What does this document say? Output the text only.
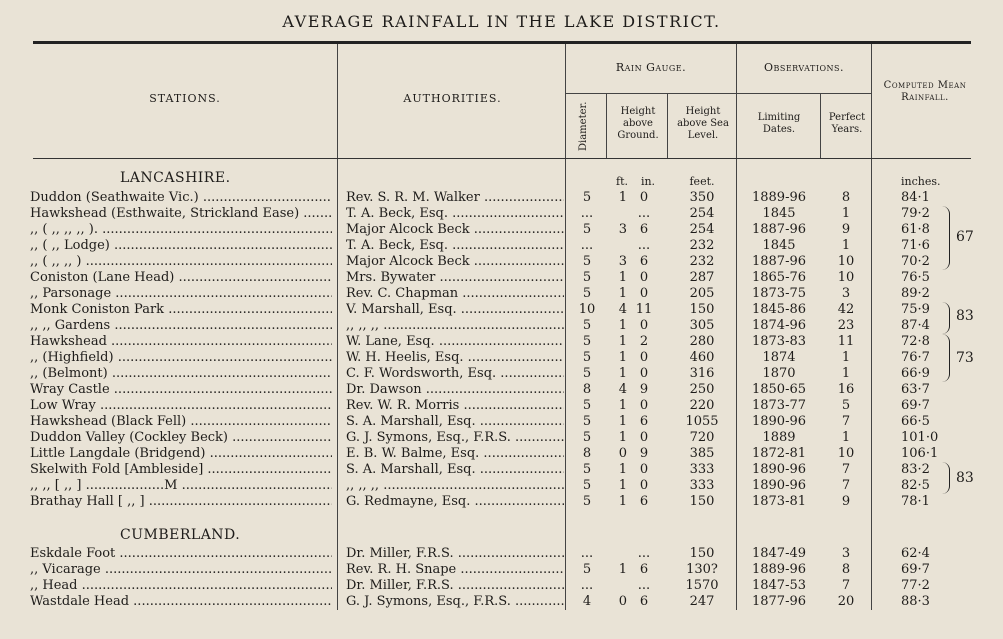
AVERAGE RAINFALL IN THE LAKE DISTRICT.
STATIONS.	AUTHORITIES.
Rain Gauge.
Diameter.	Height above Ground.
Height above Sea Level.
Observations.
Limiting Dates.
Perfect Years.
Computed Mean Rainfall.
LANCASHIRE.	ft.	in.	feet.	inches.
Duddon (Seathwaite Vic.) .....	Rev. S. R. M. Walker .....	5	1 0	350	1889-96	8	84·1
Hawkshead (Esthwaite, Strickland Ease) .....	T. A. Beck, Esq. .....	...	...	254	1845	1	79·2
,, ( ,, ,, ,, ). .....	Major Alcock Beck .....	5	3 6	254	1887-96	9	61·8
,, ( ,, Lodge) .....	T. A. Beck, Esq. .....	...	...	232	1845	1	71·6
,, ( ,, ,, ) .....	Major Alcock Beck .....	5	3 6	232	1887-96	10	70·2
Coniston (Lane Head) .....	Mrs. Bywater .....	5	1 0	287	1865-76	10	76·5
,, Parsonage .....	Rev. C. Chapman .....	5	1 0	205	1873-75	3	89·2
Monk Coniston Park .....	V. Marshall, Esq. .....	10	4 11	150	1845-86	42	75·9
,, ,, Gardens .....	,, ,, ,, .....	5	1 0	305	1874-96	23	87·4
Hawkshead .....	W. Lane, Esq. .....	5	1 2	280	1873-83	11	72·8
,, (Highfield) .....	W. H. Heelis, Esq. .....	5	1 0	460	1874	1	76·7
,, (Belmont) .....	C. F. Wordsworth, Esq. .....	5	1 0	316	1870	1	66·9
Wray Castle .....	Dr. Dawson .....	8	4 9	250	1850-65	16	63·7
Low Wray .....	Rev. W. R. Morris .....	5	1 0	220	1873-77	5	69·7
Hawkshead (Black Fell) .....	S. A. Marshall, Esq. .....	5	1 6	1055	1890-96	7	66·5
Duddon Valley (Cockley Beck) .....	G. J. Symons, Esq., F.R.S. .....	5	1 0	720	1889	1	101·0
Little Langdale (Bridgend) .....	E. B. W. Balme, Esq. .....	8	0 9	385	1872-81	10	106·1
Skelwith Fold [Ambleside] .....	S. A. Marshall, Esq. .....	5	1 0	333	1890-96	7	83·2
,, ,, [ ,, ] ...................M .....	,, ,, ,, .....	5	1 0	333	1890-96	7	82·5
Brathay Hall [ ,, ] .....	G. Redmayne, Esq. .....	5	1 6	150	1873-81	9	78·1
Eskdale Foot .....	Dr. Miller, F.R.S. .....	...	...	150	1847-49	3	62·4
,, Vicarage .....	Rev. R. H. Snape .....	5	1 6	130?	1889-96	8	69·7
,, Head .....	Dr. Miller, F.R.S. .....	...	...	1570	1847-53	7	77·2
Wastdale Head .....	G. J. Symons, Esq., F.R.S. .....	4	0 6	247	1877-96	20	88·3
67
83
73
83
CUMBERLAND.
